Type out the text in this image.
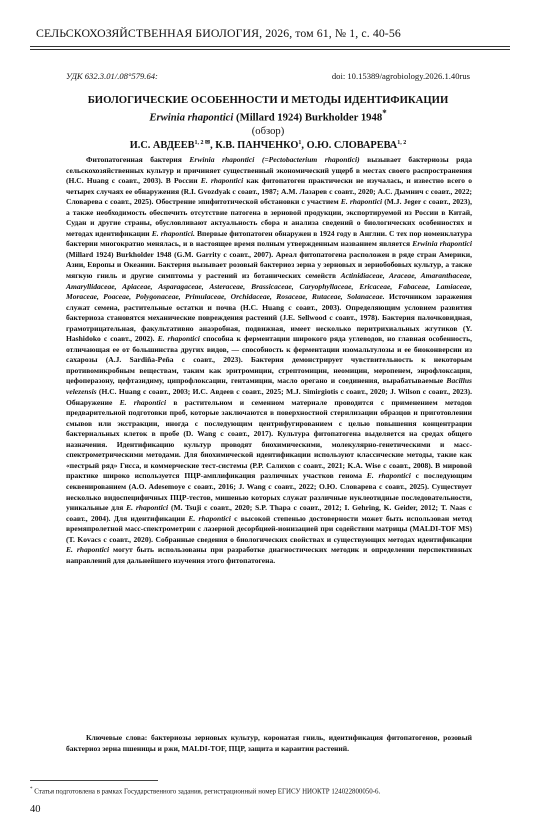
СЕЛЬСКОХОЗЯЙСТВЕННАЯ БИОЛОГИЯ, 2026, том 61, № 1, с. 40-56
УДК 632.3.01/.08°579.64:	doi: 10.15389/agrobiology.2026.1.40rus
БИОЛОГИЧЕСКИЕ ОСОБЕННОСТИ И МЕТОДЫ ИДЕНТИФИКАЦИИ
Erwinia rhapontici (Millard 1924) Burkholder 1948*
(обзор)
И.С. $АВДЕЕВ^{1, 2 ✉}$, К.В. ПАНЧЕНКО$^1$, О.Ю. СЛОВАРЕВА$^{1, 2}$
Фитопатогенная бактерия Erwinia rhapontici (=Pectobacterium rhapontici) вызывает бактериозы ряда сельскохозяйственных культур и причиняет существенный экономический ущерб в местах своего распространения (H.C. Huang с соавт., 2003). В России E. rhapontici как фитопатоген практически не изучалась, и известно всего о четырех случаях ее обнаружения (R.I. Gvozdyak с соавт., 1987; А.М. Лазарев с соавт., 2020; А.С. Дымнич с соавт., 2022; Словарева с соавт., 2025). Обострение эпифитотической обстановки с участием E. rhapontici (M.J. Jeger с соавт., 2023), а также необходимость обеспечить отсутствие патогена в зерновой продукции, экспортируемой из России в Китай, Судан и другие страны, обусловливают актуальность сбора и анализа сведений о биологических особенностях и методах идентификации E. rhapontici. Впервые фитопатоген обнаружен в 1924 году в Англии. С тех пор номенклатура бактерии многократно менялась, и в настоящее время полным утвержденным названием является Erwinia rhapontici (Millard 1924) Burkholder 1948 (G.M. Garrity с соавт., 2007). Ареал фитопатогена расположен в ряде стран Америки, Азии, Европы и Океании. Бактерия вызывает розовый бактериоз зерна у зерновых и зернобобовых культур, а также мягкую гниль и другие симптомы у растений из ботанических семейств Actinidiaceae, Araceae, Amaranthaceae, Amaryllidaceae, Apiaceae, Asparagaceae, Asteraceae, Brassicaceae, Caryophyllaceae, Ericaceae, Fabaceae, Lamiaceae, Moraceae, Poaceae, Polygonaceae, Primulaceae, Orchidaceae, Rosaceae, Rutaceae, Solanaceae. Источником заражения служат семена, растительные остатки и почва (H.C. Huang с соавт., 2003). Определяющим условием развития бактериоза становятся механические повреждения растений (J.E. Sellwood с соавт., 1978). Бактерия палочковидная, грамотрицательная, факультативно анаэробная, подвижная, имеет несколько перитрихиальных жгутиков (Y. Hashidoko с соавт., 2002). E. rhapontici способна к ферментации широкого ряда углеводов, но главная особенность, отличающая ее от большинства других видов, — способность к ферментации изомальтулозы и ее биоконверсии из сахарозы (A.J. Sardiña-Peña с соавт., 2023). Бактерия демонстрирует чувствительность к некоторым противомикробным веществам, таким как эритромицин, стрептомицин, неомицин, меропенем, энрофлоксацин, цефоперазону, цефтазидиму, ципрофлоксацин, гентамицин, масло орегано и соединения, вырабатываемые Bacillus velezensis (H.C. Huang с соавт., 2003; И.С. Авдеев с соавт., 2025; M.J. Simirgiotis с соавт., 2020; J. Wilson с соавт., 2023). Обнаружение E. rhapontici в растительном и семенном материале проводится с применением методов предварительной подготовки проб, которые заключаются в поверхностной стерилизации образцов и приготовлении смывов или экстракции, иногда с последующим центрифугированием с целью повышения концентрации бактериальных клеток в пробе (D. Wang с соавт., 2017). Культура фитопатогена выделяется на средах общего назначения. Идентификацию культур проводят биохимическими, молекулярно-генетическими и масс-спектрометрическими методами. Для биохимической идентификации используют классические методы, такие как «пестрый ряд» Гисса, и коммерческие тест-системы (Р.Р. Салихов с соавт., 2021; K.A. Wise с соавт., 2008). В мировой практике широко используется ПЦР-амплификация различных участков генома E. rhapontici с последующим секвенированием (A.O. Adesemoye с соавт., 2016; J. Wang с соавт., 2022; О.Ю. Словарева с соавт., 2025). Существует несколько видоспецифичных ПЦР-тестов, мишенью которых служат различные нуклеотидные последовательности, уникальные для E. rhapontici (M. Tsuji с соавт., 2020; S.P. Thapa с соавт., 2012; I. Gehring, K. Geider, 2012; T. Naas с соавт., 2004). Для идентификации E. rhapontici с высокой степенью достоверности может быть использован метод времяпролетной масс-спектрометрии с лазерной десорбцией-ионизацией при содействии матрицы (MALDI-TOF MS) (T. Kovacs с соавт., 2020). Собранные сведения о биологических свойствах и существующих методах идентификации E. rhapontici могут быть использованы при разработке диагностических методик и определении перспективных направлений для дальнейшего изучения этого фитопатогена.
Ключевые слова: бактериозы зерновых культур, коронатая гниль, идентификация фитопатогенов, розовый бактериоз зерна пшеницы и ржи, MALDI-TOF, ПЦР, защита и карантин растений.
* Статья подготовлена в рамках Государственного задания, регистрационный номер ЕГИСУ НИОКТР 124022800050-6.
40
